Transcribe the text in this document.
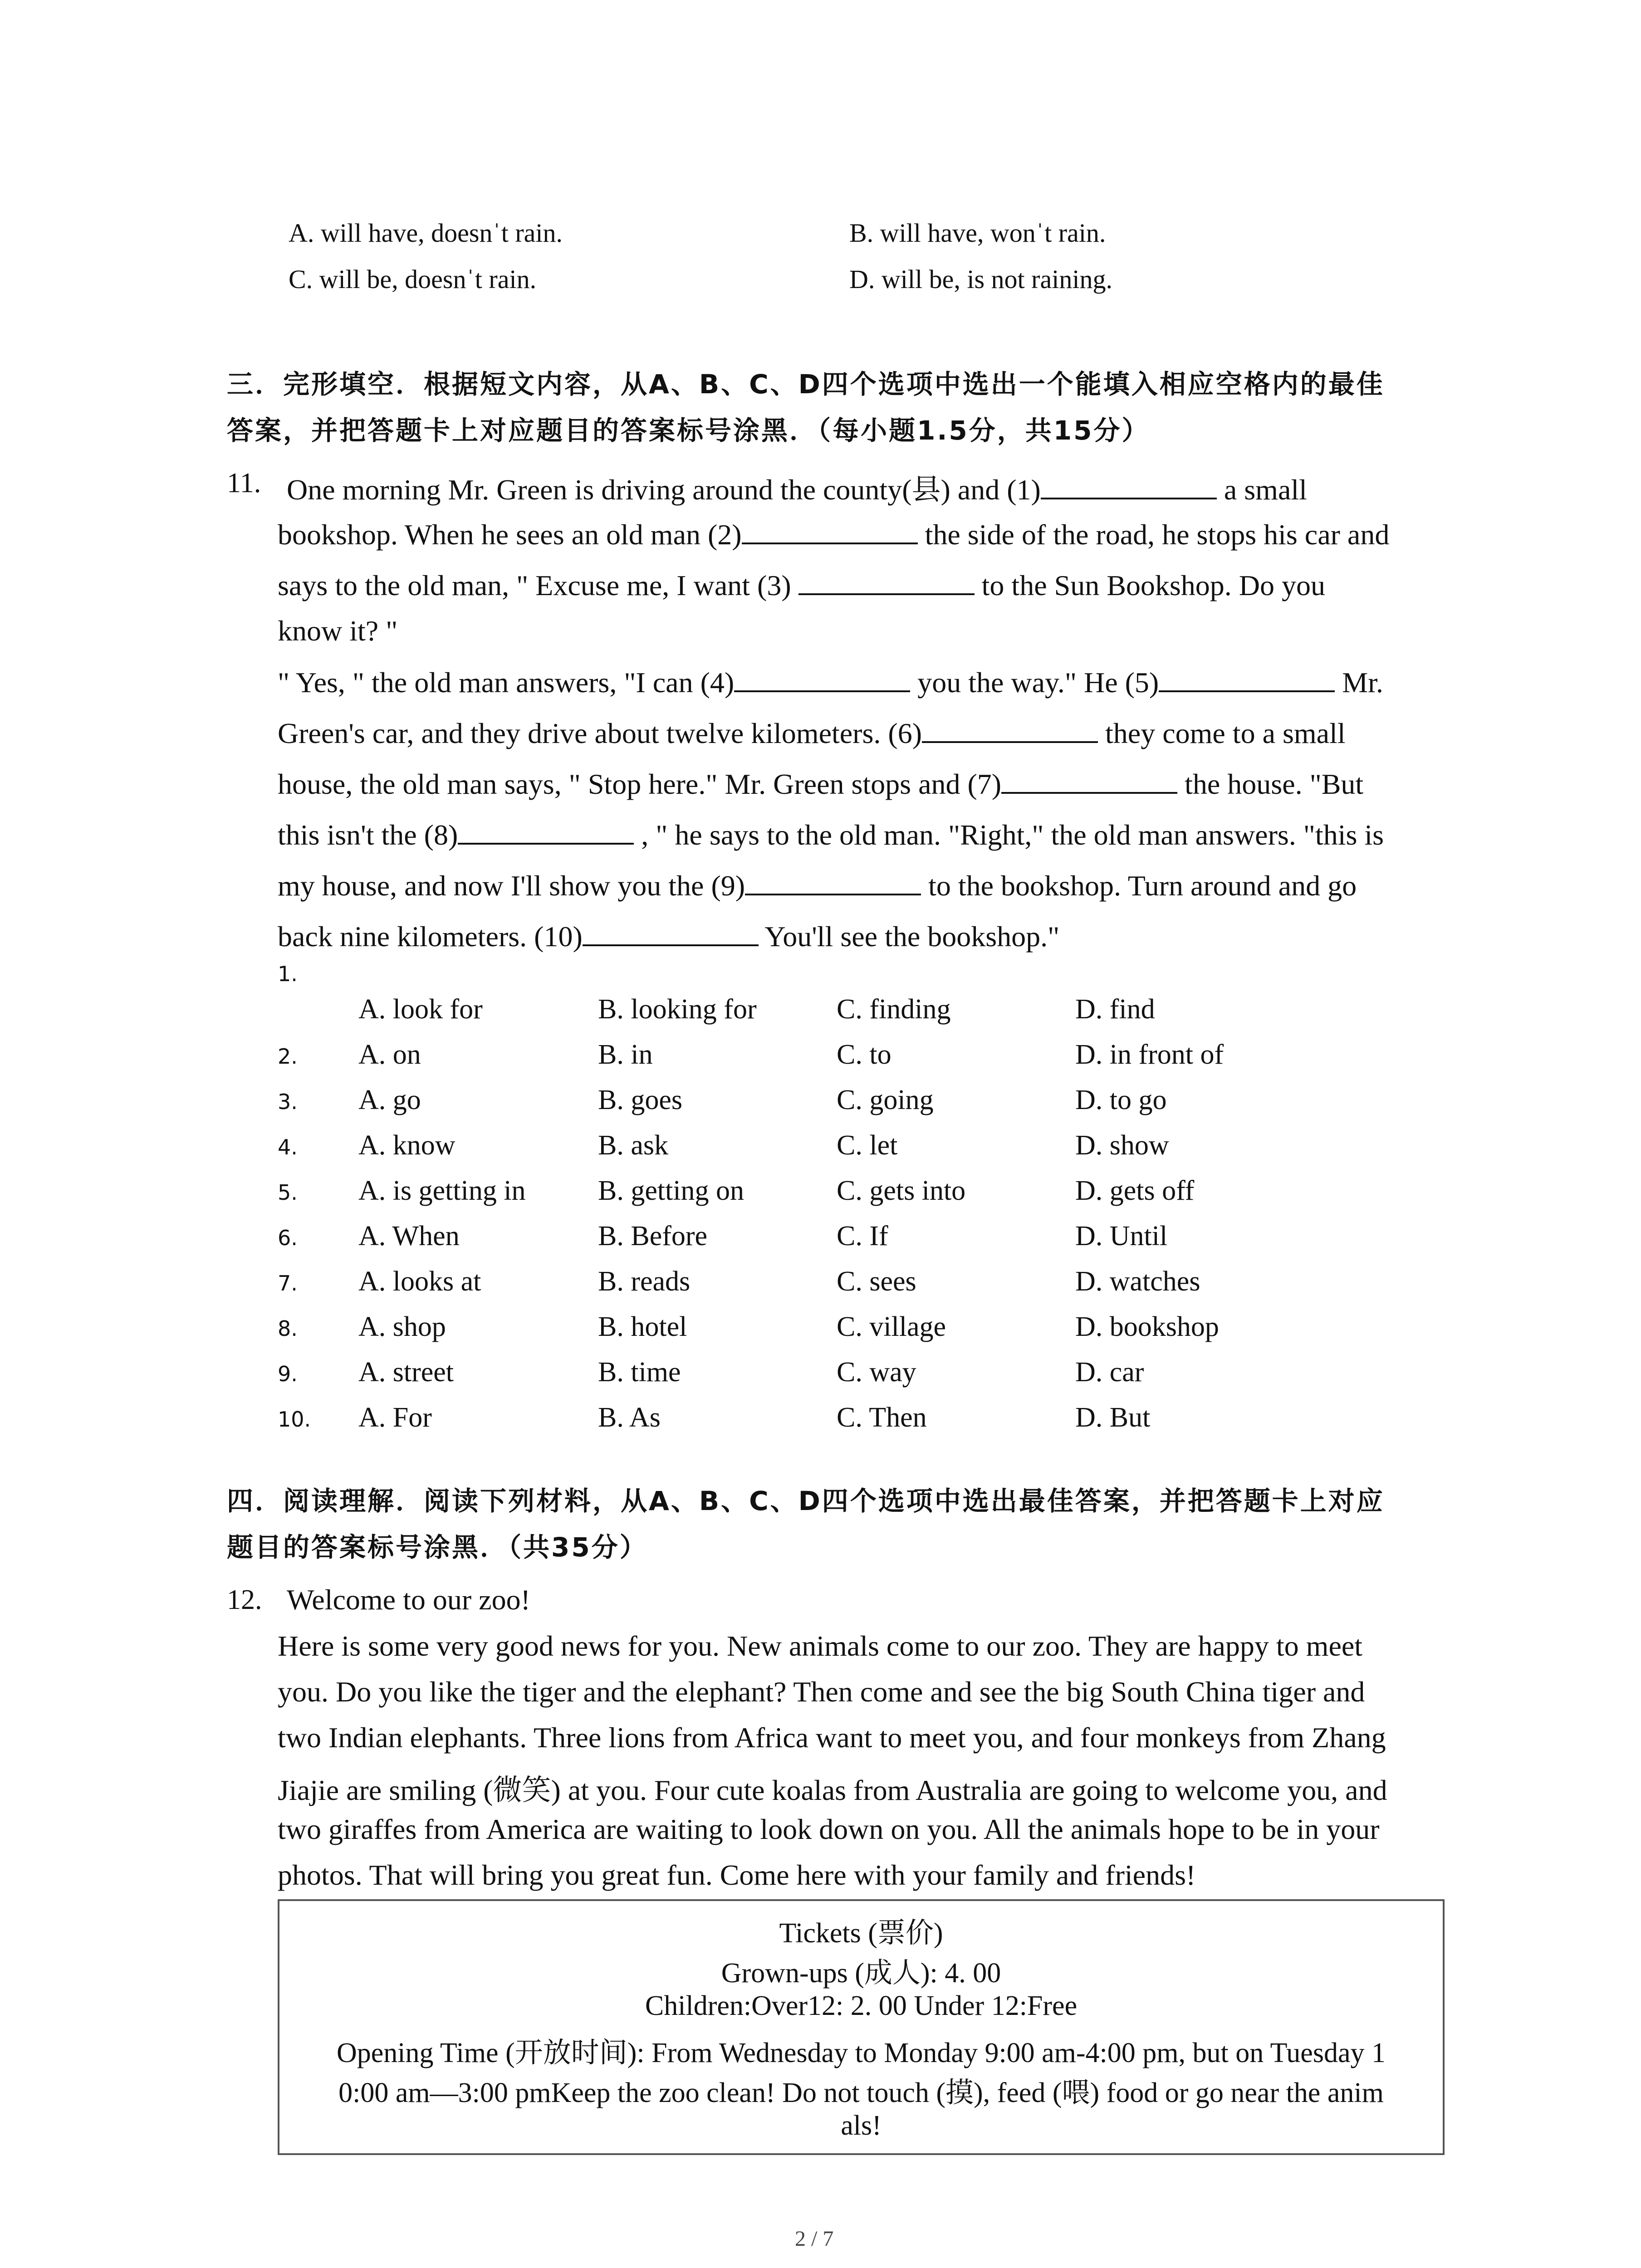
A. will have, doesnˈt rain.	B. will have, wonˈt rain.
C. will be, doesnˈt rain.	D. will be, is not raining.
三．完形填空．根据短文内容，从A、B、C、D四个选项中选出一个能填入相应空格内的最佳
答案，并把答题卡上对应题目的答案标号涂黑．（每小题1.5分，共15分）
11. One morning Mr. Green is driving around the county(县) and (1)	a small
bookshop. When he sees an old man (2)	the side of the road, he stops his car and
says to the old man, " Excuse me, I want (3)	to the Sun Bookshop. Do you
know it? "
" Yes, " the old man answers, "I can (4)	you the way." He (5)	Mr.
Green's car, and they drive about twelve kilometers. (6)	they come to a small
house, the old man says, " Stop here." Mr. Green stops and (7)	the house. "But
this isn't the (8)	, " he says to the old man. "Right," the old man answers. "this is
my house, and now I'll show you the (9)	to the bookshop. Turn around and go
back nine kilometers. (10)	You'll see the bookshop."
1.
A. look for	B. looking for	C. finding	D. find
2. A. on	B. in	C. to	D. in front of
3. A. go	B. goes	C. going	D. to go
4. A. know	B. ask	C. let	D. show
5. A. is getting in	B. getting on	C. gets into	D. gets off
6. A. When	B. Before	C. If	D. Until
7. A. looks at	B. reads	C. sees	D. watches
8. A. shop	B. hotel	C. village	D. bookshop
9. A. street	B. time	C. way	D. car
10. A. For	B. As	C. Then	D. But
四．阅读理解．阅读下列材料，从A、B、C、D四个选项中选出最佳答案，并把答题卡上对应
题目的答案标号涂黑．（共35分）
12. Welcome to our zoo!
Here is some very good news for you. New animals come to our zoo. They are happy to meet
you. Do you like the tiger and the elephant? Then come and see the big South China tiger and
two Indian elephants. Three lions from Africa want to meet you, and four monkeys from Zhang
Jiajie are smiling (微笑) at you. Four cute koalas from Australia are going to welcome you, and
two giraffes from America are waiting to look down on you. All the animals hope to be in your
photos. That will bring you great fun. Come here with your family and friends!
Tickets (票价)
Grown-ups (成人): 4. 00
Children:Over12: 2. 00 Under 12:Free
Opening Time (开放时间): From Wednesday to Monday 9:00 am-4:00 pm, but on Tuesday 1
0:00 am—3:00 pmKeep the zoo clean! Do not touch (摸), feed (喂) food or go near the anim
als!
2 / 7
